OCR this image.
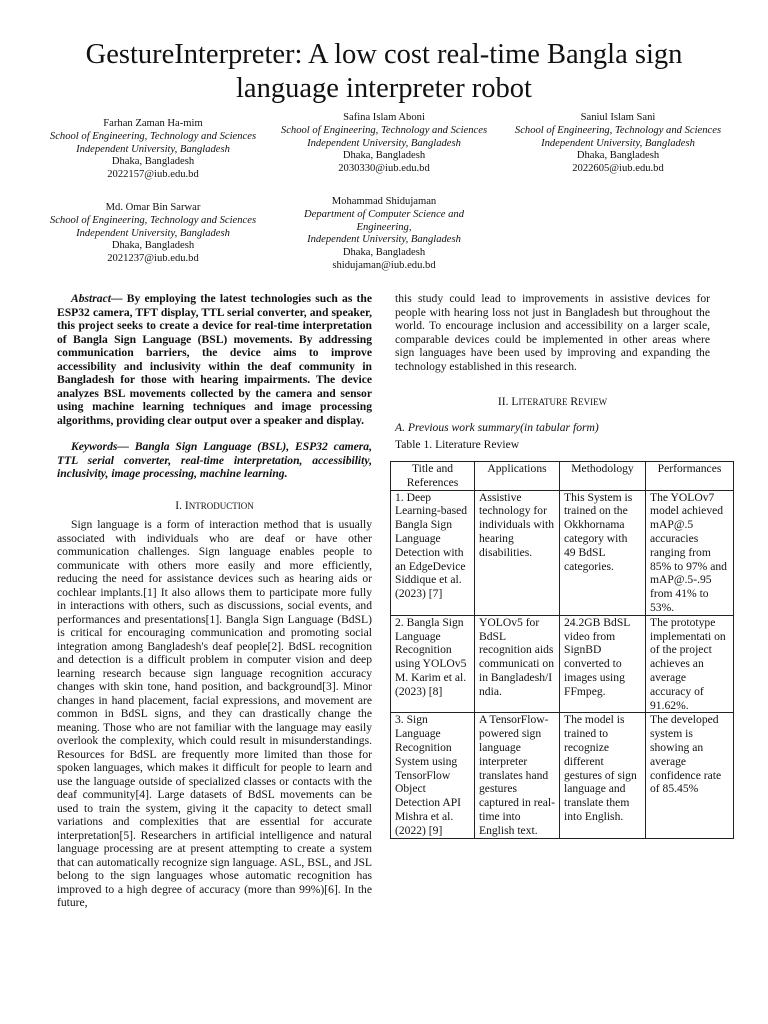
GestureInterpreter: A low cost real-time Bangla sign language interpreter robot
Farhan Zaman Ha-mim
School of Engineering, Technology and Sciences
Independent University, Bangladesh
Dhaka, Bangladesh
2022157@iub.edu.bd
Safina Islam Aboni
School of Engineering, Technology and Sciences
Independent University, Bangladesh
Dhaka, Bangladesh
2030330@iub.edu.bd
Saniul Islam Sani
School of Engineering, Technology and Sciences
Independent University, Bangladesh
Dhaka, Bangladesh
2022605@iub.edu.bd
Md. Omar Bin Sarwar
School of Engineering, Technology and Sciences
Independent University, Bangladesh
Dhaka, Bangladesh
2021237@iub.edu.bd
Mohammad Shidujaman
Department of Computer Science and Engineering,
Independent University, Bangladesh
Dhaka, Bangladesh
shidujaman@iub.edu.bd

Abstract— By employing the latest technologies such as the ESP32 camera, TFT display, TTL serial converter, and speaker, this project seeks to create a device for real-time interpretation of Bangla Sign Language (BSL) movements. By addressing communication barriers, the device aims to improve accessibility and inclusivity within the deaf community in Bangladesh for those with hearing impairments. The device analyzes BSL movements collected by the camera and sensor using machine learning techniques and image processing algorithms, providing clear output over a speaker and display.

Keywords— Bangla Sign Language (BSL), ESP32 camera, TTL serial converter, real-time interpretation, accessibility, inclusivity, image processing, machine learning.

I. INTRODUCTION

Sign language is a form of interaction method that is usually associated with individuals who are deaf or have other communication challenges. Sign language enables people to communicate with others more easily and more efficiently, reducing the need for assistance devices such as hearing aids or cochlear implants.[1] It also allows them to participate more fully in interactions with others, such as discussions, social events, and performances and presentations[1]. Bangla Sign Language (BdSL) is critical for encouraging communication and promoting social integration among Bangladesh's deaf people[2]. BdSL recognition and detection is a difficult problem in computer vision and deep learning research because sign language recognition accuracy changes with skin tone, hand position, and background[3]. Minor changes in hand placement, facial expressions, and movement are common in BdSL signs, and they can drastically change the meaning. Those who are not familiar with the language may easily overlook the complexity, which could result in misunderstandings. Resources for BdSL are frequently more limited than those for spoken languages, which makes it difficult for people to learn and use the language outside of specialized classes or contacts with the deaf community[4]. Large datasets of BdSL movements can be used to train the system, giving it the capacity to detect small variations and complexities that are essential for accurate interpretation[5]. Researchers in artificial intelligence and natural language processing are at present attempting to create a system that can automatically recognize sign language. ASL, BSL, and JSL belong to the sign languages whose automatic recognition has improved to a high degree of accuracy (more than 99%)[6]. In the future,

this study could lead to improvements in assistive devices for people with hearing loss not just in Bangladesh but throughout the world. To encourage inclusion and accessibility on a larger scale, comparable devices could be implemented in other areas where sign languages have been used by improving and expanding the technology established in this research.

II. LITERATURE REVIEW

A. Previous work summary(in tabular form)

Table 1. Literature Review

Title and References	Applications	Methodology	Performances
1. Deep Learning-based Bangla Sign Language Detection with an EdgeDevice Siddique et al. (2023) [7]	Assistive technology for individuals with hearing disabilities.	This System is trained on the Okkhornama category with 49 BdSL categories.	The YOLOv7 model achieved mAP@.5 accuracies ranging from 85% to 97% and mAP@.5-.95 from 41% to 53%.
2. Bangla Sign Language Recognition using YOLOv5 M. Karim et al. (2023) [8]	YOLOv5 for BdSL recognition aids communicati on in Bangladesh/I ndia.	24.2GB BdSL video from SignBD converted to images using FFmpeg.	The prototype implementati on of the project achieves an average accuracy of 91.62%.
3. Sign Language Recognition System using TensorFlow Object Detection API Mishra et al. (2022) [9]	A TensorFlow-powered sign language interpreter translates hand gestures captured in real-time into English text.	The model is trained to recognize different gestures of sign language and translate them into English.	The developed system is showing an average confidence rate of 85.45%
